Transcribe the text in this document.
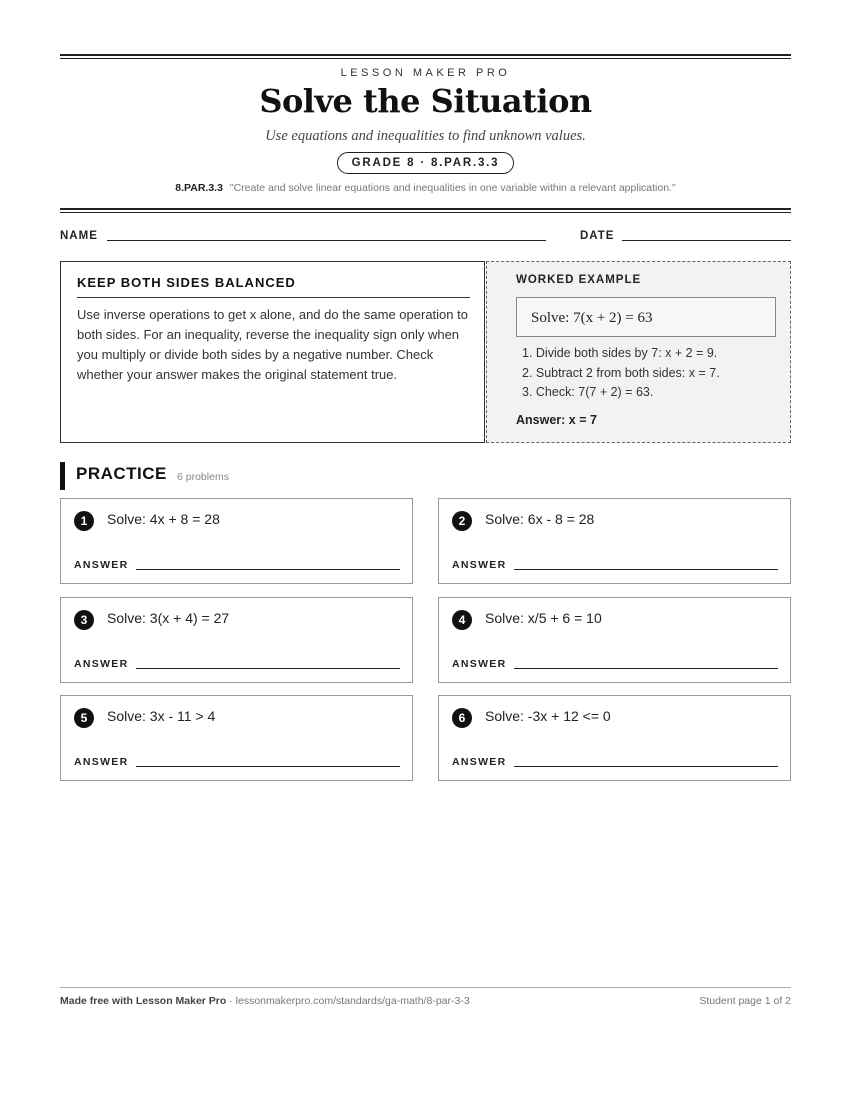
LESSON MAKER PRO
Solve the Situation
Use equations and inequalities to find unknown values.
GRADE 8 · 8.PAR.3.3
8.PAR.3.3 "Create and solve linear equations and inequalities in one variable within a relevant application."
NAME	DATE
KEEP BOTH SIDES BALANCED
Use inverse operations to get x alone, and do the same operation to both sides. For an inequality, reverse the inequality sign only when you multiply or divide both sides by a negative number. Check whether your answer makes the original statement true.
WORKED EXAMPLE
Solve: 7(x + 2) = 63
1. Divide both sides by 7: x + 2 = 9.
2. Subtract 2 from both sides: x = 7.
3. Check: 7(7 + 2) = 63.
Answer: x = 7
PRACTICE 6 problems
1	Solve: 4x + 8 = 28
ANSWER
2	Solve: 6x - 8 = 28
ANSWER
3	Solve: 3(x + 4) = 27
ANSWER
4	Solve: x/5 + 6 = 10
ANSWER
5	Solve: 3x - 11 > 4
ANSWER
6	Solve: -3x + 12 <= 0
ANSWER
Made free with Lesson Maker Pro · lessonmakerpro.com/standards/ga-math/8-par-3-3	Student page 1 of 2
